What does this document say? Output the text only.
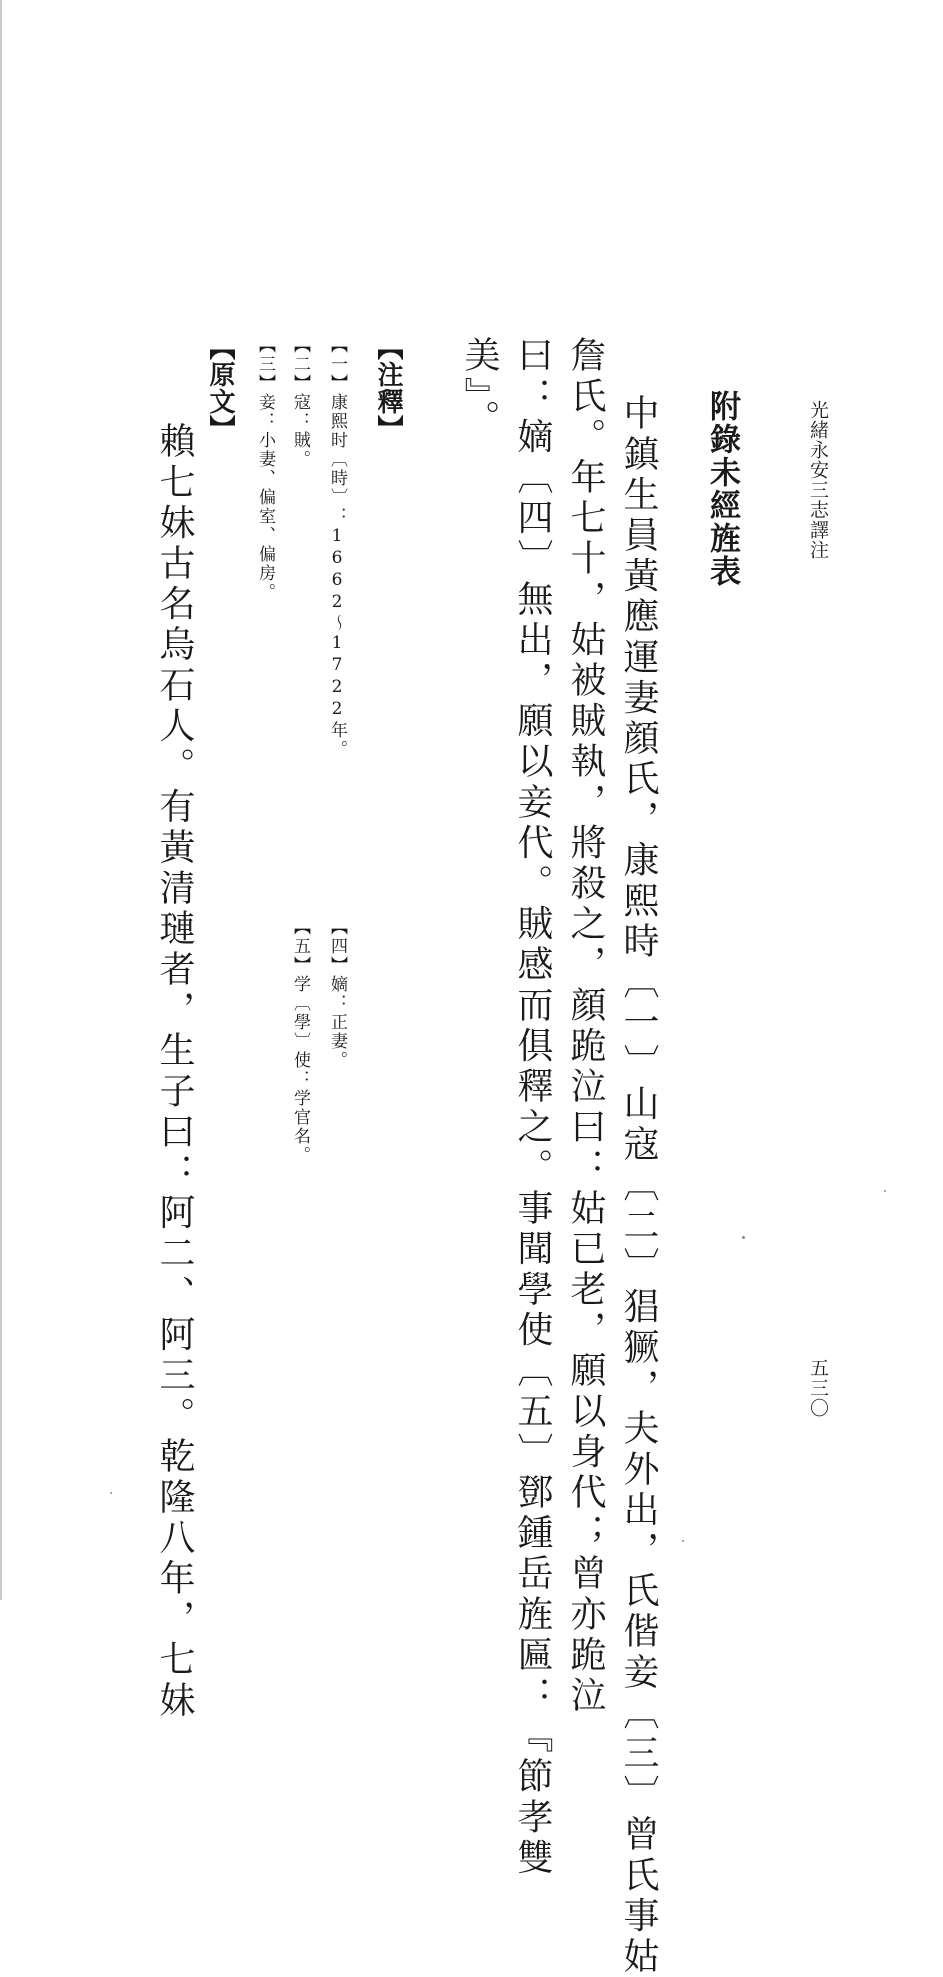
光緒永安三志譯注
五三〇
附錄未經旌表
中鎮生員黃應運妻顔氏，康熙時〔一〕山寇〔二〕猖獗，夫外出，氏偕妾〔三〕曾氏事姑
詹氏。年七十，姑被賊執，將殺之，顔跪泣曰：姑已老，願以身代；曾亦跪泣
曰：嫡〔四〕無出，願以妾代。賊感而俱釋之。事聞學使〔五〕鄧鍾岳旌匾：『節孝雙
美』。
【注釋】
【一】康熙时〔時〕：1662～1722年。
【二】寇：賊。
【三】妾：小妻、偏室、偏房。
【四】嫡：正妻。
【五】学〔學〕使：学官名。
【原文】
賴七妹古名烏石人。有黃清璉者，生子曰：阿二、阿三。乾隆八年，七妹
